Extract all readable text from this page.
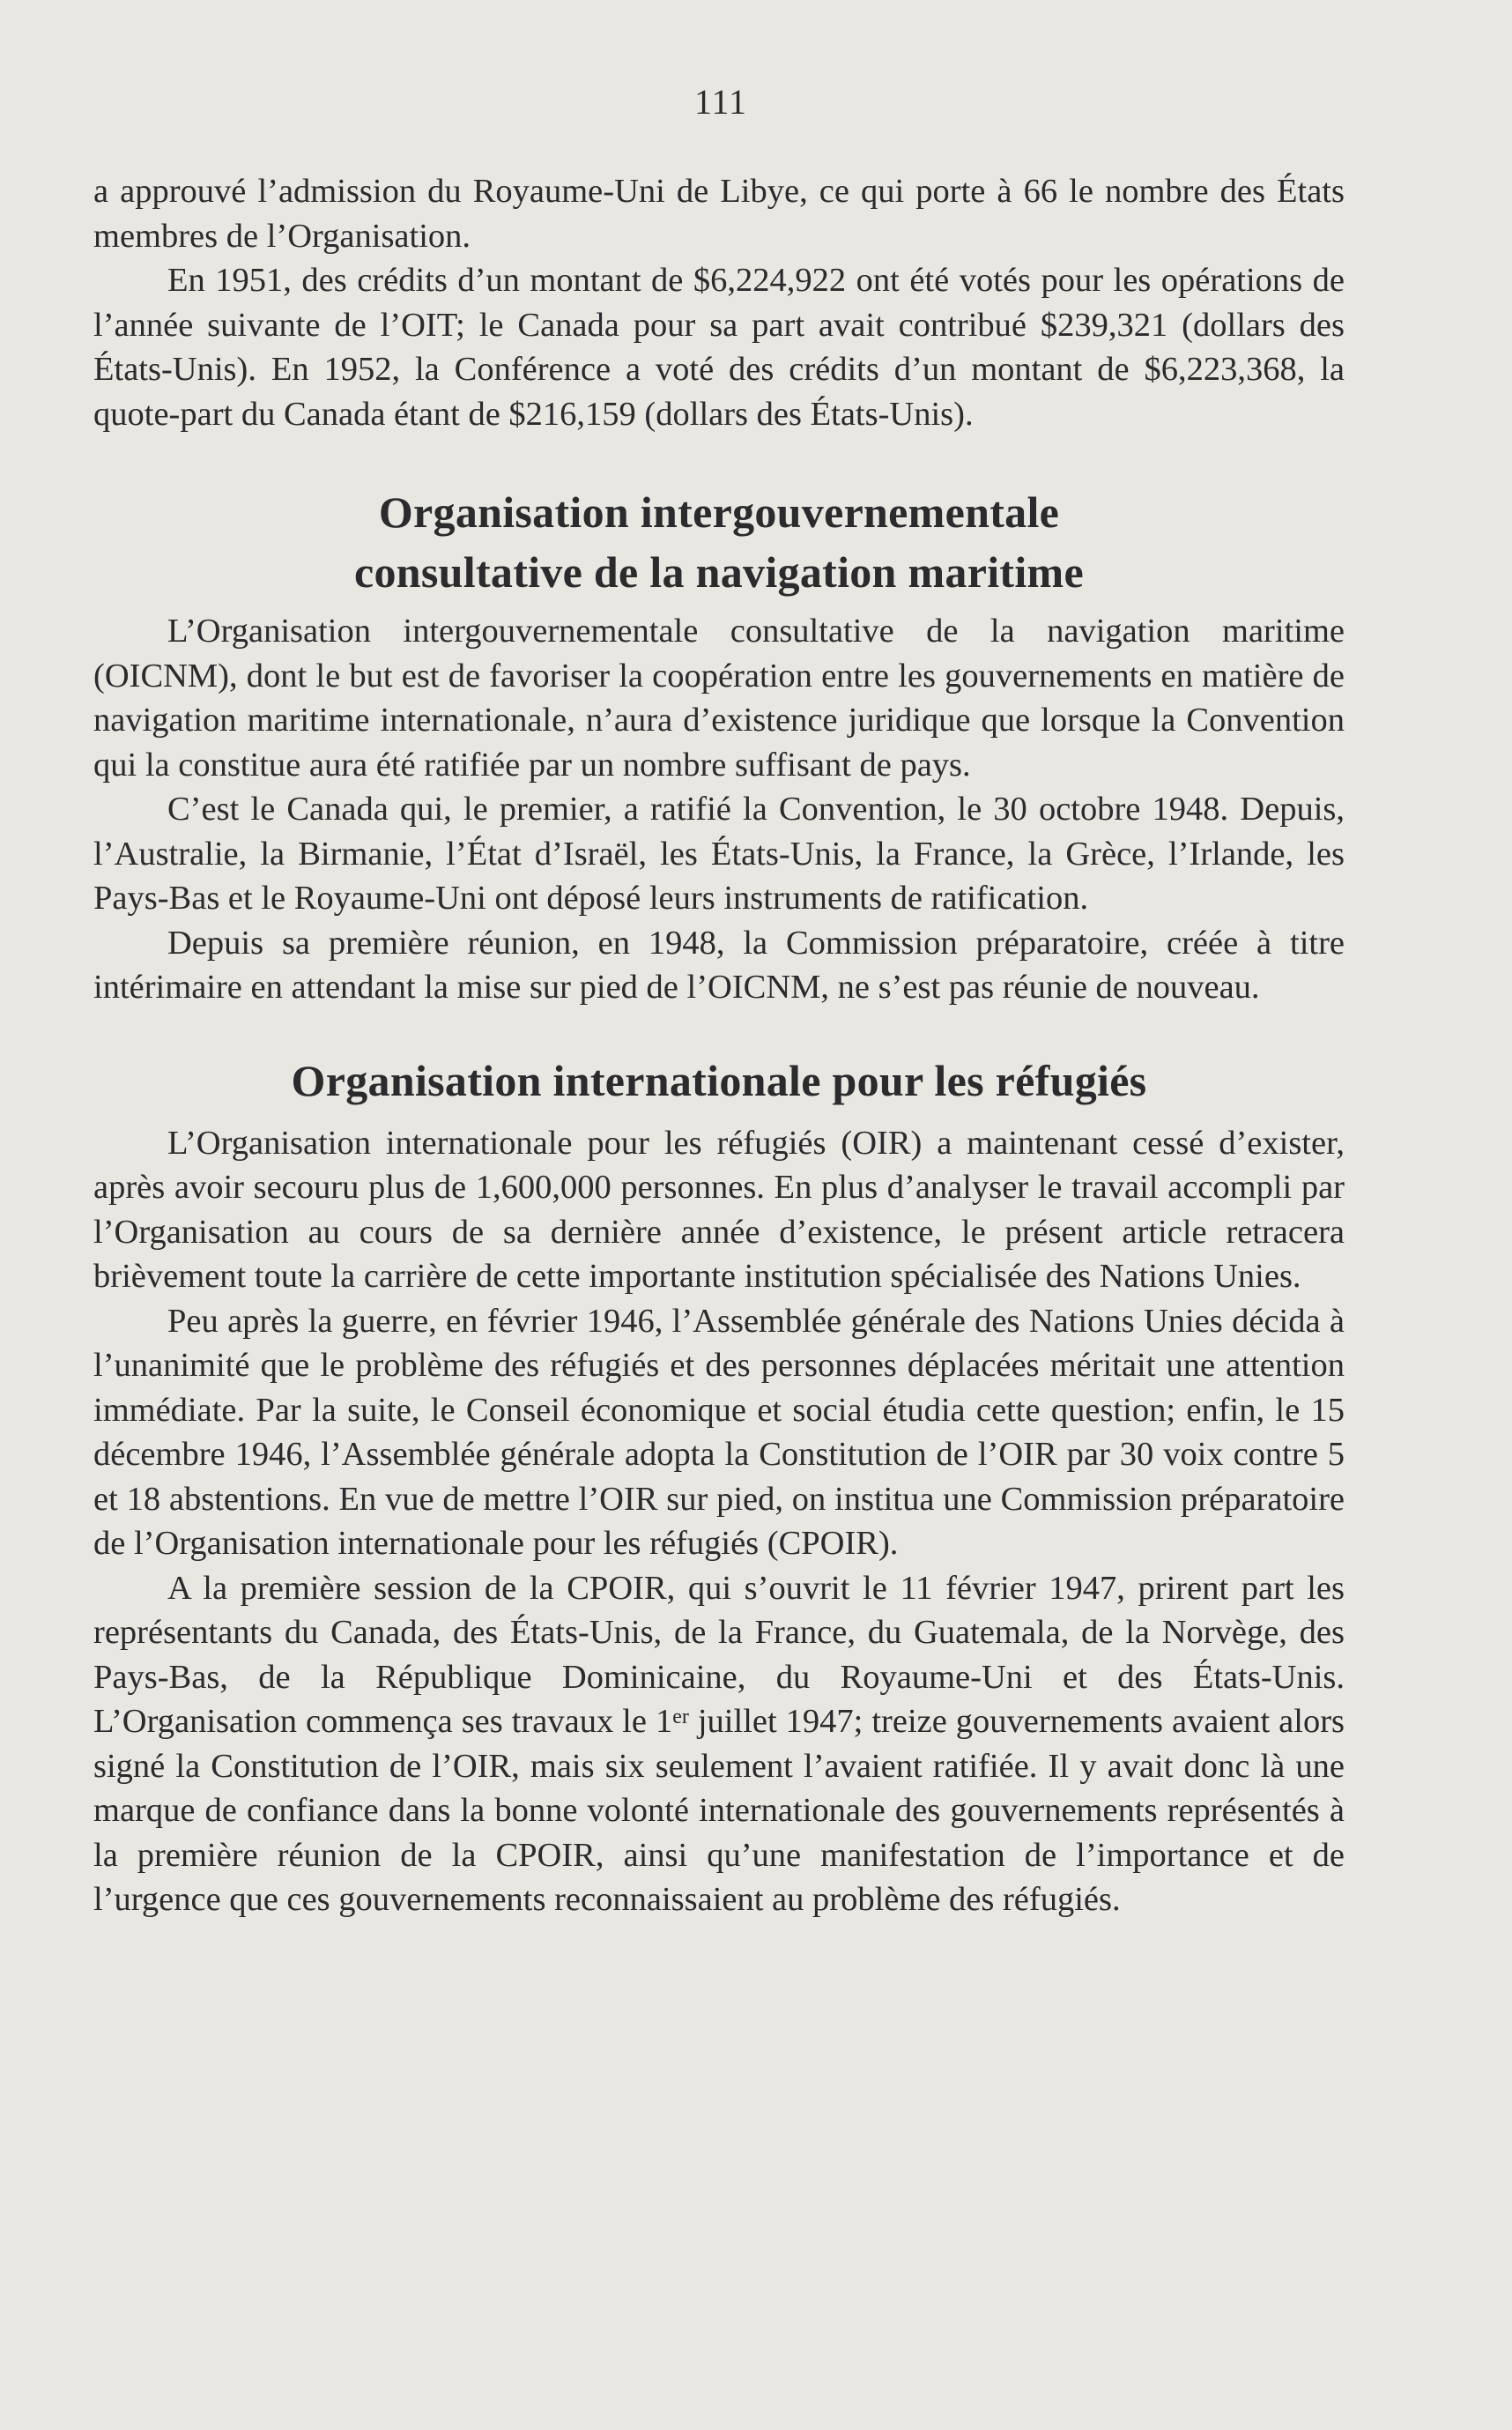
111

a approuvé l’admission du Royaume-Uni de Libye, ce qui porte à 66 le nombre des États membres de l’Organisation.

En 1951, des crédits d’un montant de $6,224,922 ont été votés pour les opérations de l’année suivante de l’OIT; le Canada pour sa part avait contribué $239,321 (dollars des États-Unis). En 1952, la Conférence a voté des crédits d’un montant de $6,223,368, la quote-part du Canada étant de $216,159 (dollars des États-Unis).

Organisation intergouvernementale
consultative de la navigation maritime

L’Organisation intergouvernementale consultative de la navigation maritime (OICNM), dont le but est de favoriser la coopération entre les gouvernements en matière de navigation maritime internationale, n’aura d’existence juridique que lorsque la Convention qui la constitue aura été ratifiée par un nombre suffisant de pays.

C’est le Canada qui, le premier, a ratifié la Convention, le 30 octobre 1948. Depuis, l’Australie, la Birmanie, l’État d’Israël, les États-Unis, la France, la Grèce, l’Irlande, les Pays-Bas et le Royaume-Uni ont déposé leurs instruments de ratification.

Depuis sa première réunion, en 1948, la Commission préparatoire, créée à titre intérimaire en attendant la mise sur pied de l’OICNM, ne s’est pas réunie de nouveau.

Organisation internationale pour les réfugiés

L’Organisation internationale pour les réfugiés (OIR) a maintenant cessé d’exister, après avoir secouru plus de 1,600,000 personnes. En plus d’analyser le travail accompli par l’Organisation au cours de sa dernière année d’existence, le présent article retracera brièvement toute la carrière de cette importante institution spécialisée des Nations Unies.

Peu après la guerre, en février 1946, l’Assemblée générale des Nations Unies décida à l’unanimité que le problème des réfugiés et des personnes déplacées méritait une attention immédiate. Par la suite, le Conseil économique et social étudia cette question; enfin, le 15 décembre 1946, l’Assemblée générale adopta la Constitution de l’OIR par 30 voix contre 5 et 18 abstentions. En vue de mettre l’OIR sur pied, on institua une Commission préparatoire de l’Organisation internationale pour les réfugiés (CPOIR).

A la première session de la CPOIR, qui s’ouvrit le 11 février 1947, prirent part les représentants du Canada, des États-Unis, de la France, du Guatemala, de la Norvège, des Pays-Bas, de la République Dominicaine, du Royaume-Uni et des États-Unis. L’Organisation commença ses travaux le 1er juillet 1947; treize gouvernements avaient alors signé la Constitution de l’OIR, mais six seulement l’avaient ratifiée. Il y avait donc là une marque de confiance dans la bonne volonté internationale des gouvernements représentés à la première réunion de la CPOIR, ainsi qu’une manifestation de l’importance et de l’urgence que ces gouvernements reconnaissaient au problème des réfugiés.
